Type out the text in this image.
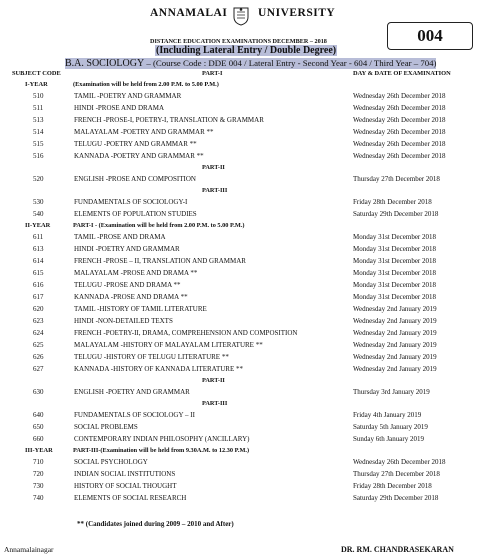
ANNAMALAI	UNIVERSITY
DISTANCE EDUCATION EXAMINATIONS DECEMBER – 2018
(Including Lateral Entry / Double Degree)
B.A. SOCIOLOGY – (Course Code : DDE 004 / Lateral Entry - Second Year - 604 / Third Year – 704)
004
SUBJECT CODE	DAY & DATE OF EXAMINATION
PART-I
I-YEAR	(Examination will be held from 2.00 P.M. to 5.00 P.M.)
510	TAMIL -POETRY AND GRAMMAR	Wednesday 26th December 2018
511	HINDI -PROSE AND DRAMA	Wednesday 26th December 2018
513	FRENCH -PROSE-I, POETRY-I, TRANSLATION & GRAMMAR	Wednesday 26th December 2018
514	MALAYALAM -POETRY AND GRAMMAR **	Wednesday 26th December 2018
515	TELUGU -POETRY AND GRAMMAR **	Wednesday 26th December 2018
516	KANNADA -POETRY AND GRAMMAR **	Wednesday 26th December 2018
PART-II
520	ENGLISH -PROSE AND COMPOSITION	Thursday 27th December 2018
PART-III
530	FUNDAMENTALS OF SOCIOLOGY-I	Friday 28th December 2018
540	ELEMENTS OF POPULATION STUDIES	Saturday 29th December 2018
II-YEAR	PART-I - (Examination will be held from 2.00 P.M. to 5.00 P.M.)
611	TAMIL -PROSE AND DRAMA	Monday 31st December 2018
613	HINDI -POETRY AND GRAMMAR	Monday 31st December 2018
614	FRENCH -PROSE – II, TRANSLATION AND GRAMMAR	Monday 31st December 2018
615	MALAYALAM -PROSE AND DRAMA **	Monday 31st December 2018
616	TELUGU -PROSE AND DRAMA **	Monday 31st December 2018
617	KANNADA -PROSE AND DRAMA **	Monday 31st December 2018
620	TAMIL -HISTORY OF TAMIL LITERATURE	Wednesday 2nd January 2019
623	HINDI -NON-DETAILED TEXTS	Wednesday 2nd January 2019
624	FRENCH -POETRY-II, DRAMA, COMPREHENSION AND COMPOSITION	Wednesday 2nd January 2019
625	MALAYALAM -HISTORY OF MALAYALAM LITERATURE **	Wednesday 2nd January 2019
626	TELUGU -HISTORY OF TELUGU LITERATURE **	Wednesday 2nd January 2019
627	KANNADA -HISTORY OF KANNADA LITERATURE **	Wednesday 2nd January 2019
PART-II
630	ENGLISH -POETRY AND GRAMMAR	Thursday 3rd January 2019
PART-III
640	FUNDAMENTALS OF SOCIOLOGY – II	Friday 4th January 2019
650	SOCIAL PROBLEMS	Saturday 5th January 2019
660	CONTEMPORARY INDIAN PHILOSOPHY (ANCILLARY)	Sunday 6th January 2019
III-YEAR	PART-III-(Examination will be held from 9.30A.M. to 12.30 P.M.)
710	SOCIAL PSYCHOLOGY	Wednesday 26th December 2018
720	INDIAN SOCIAL INSTITUTIONS	Thursday 27th December 2018
730	HISTORY OF SOCIAL THOUGHT	Friday 28th December 2018
740	ELEMENTS OF SOCIAL RESEARCH	Saturday 29th December 2018
** (Candidates joined during 2009 – 2010 and After)
Annamalainagar	DR. RM. CHANDRASEKARAN
